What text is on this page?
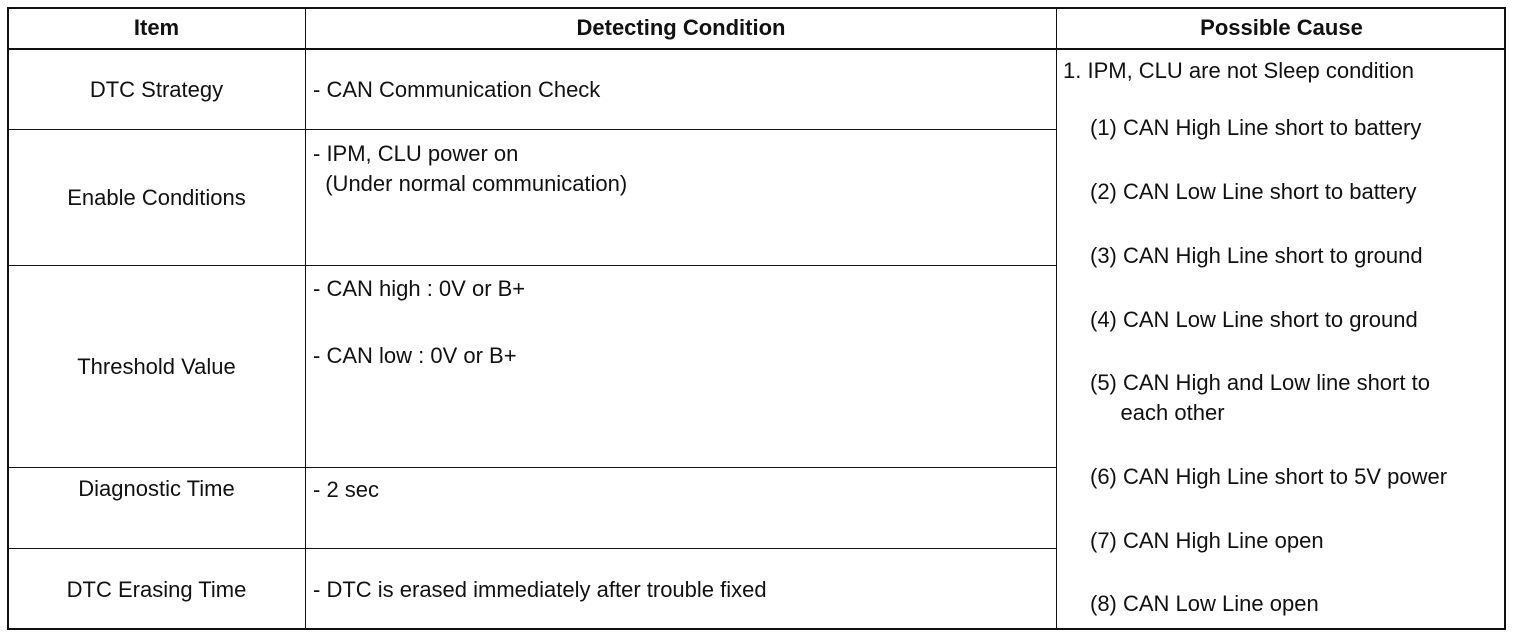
Item	Detecting Condition	Possible Cause
DTC Strategy
Enable Conditions
Threshold Value
Diagnostic Time
DTC Erasing Time
- CAN Communication Check
- IPM, CLU power on
(Under normal communication)
- CAN high : 0V or B+
- CAN low : 0V or B+
- 2 sec
- DTC is erased immediately after trouble fixed
1. IPM, CLU are not Sleep condition
(1) CAN High Line short to battery
(2) CAN Low Line short to battery
(3) CAN High Line short to ground
(4) CAN Low Line short to ground
(5) CAN High and Low line short to
each other
(6) CAN High Line short to 5V power
(7) CAN High Line open
(8) CAN Low Line open
